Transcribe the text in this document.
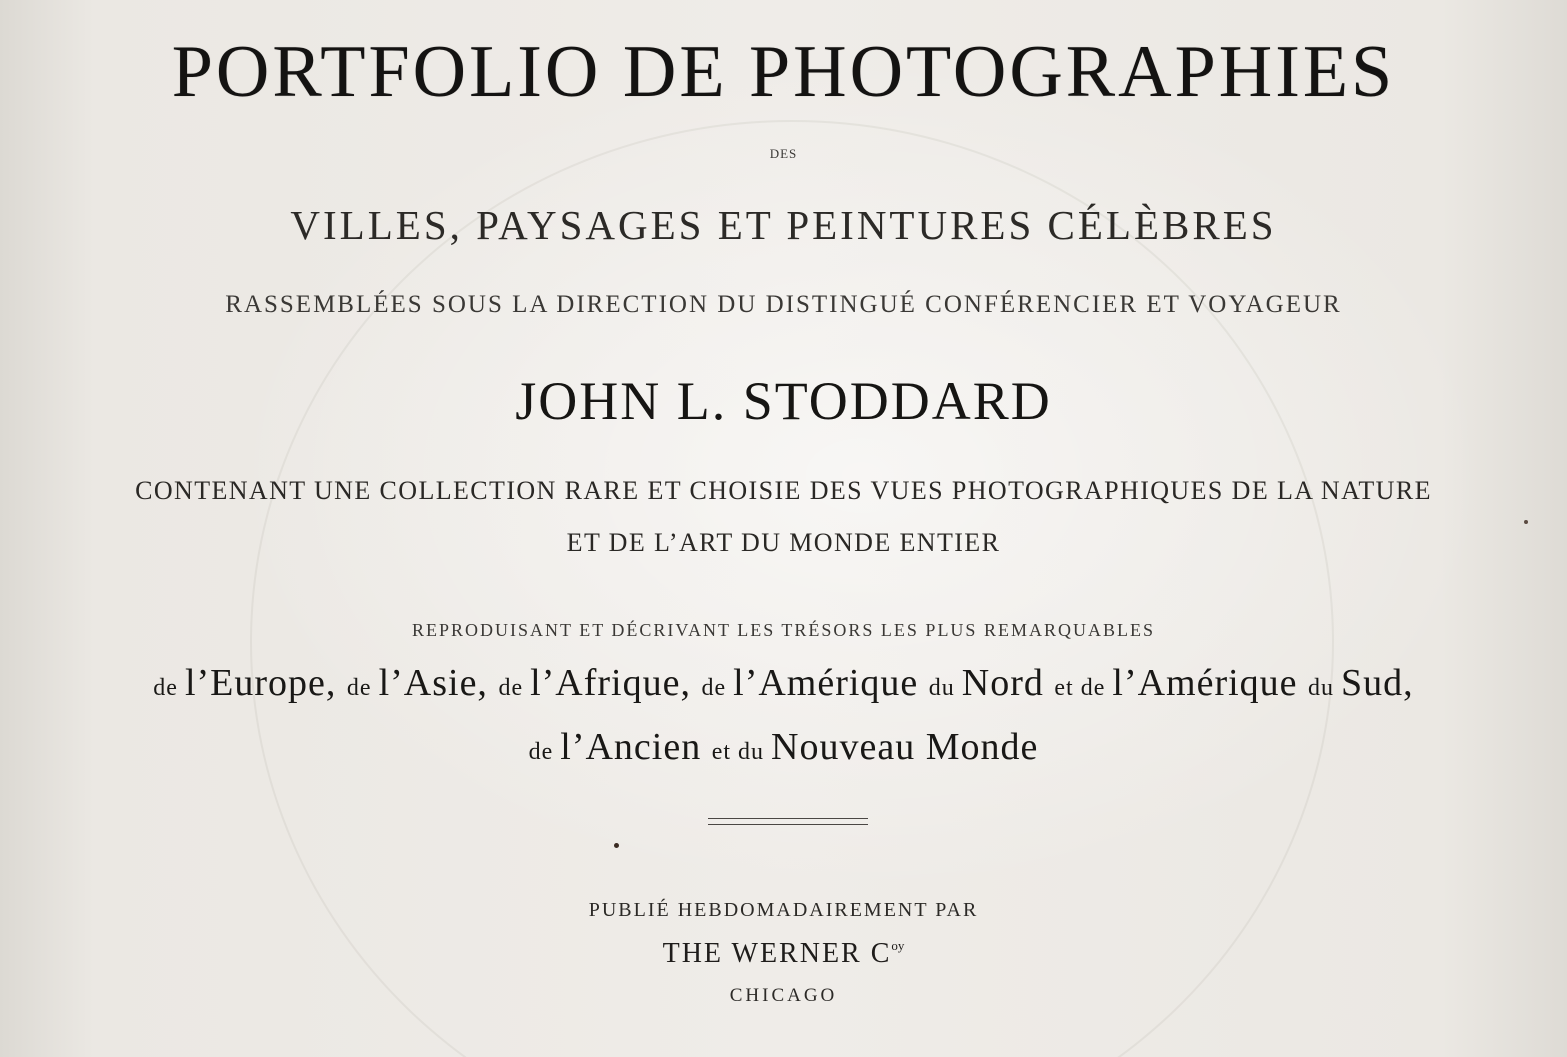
PORTFOLIO DE PHOTOGRAPHIES
DES
VILLES, PAYSAGES ET PEINTURES CÉLÈBRES
RASSEMBLÉES SOUS LA DIRECTION DU DISTINGUÉ CONFÉRENCIER ET VOYAGEUR
JOHN L. STODDARD
CONTENANT UNE COLLECTION RARE ET CHOISIE DES VUES PHOTOGRAPHIQUES DE LA NATURE
ET DE L’ART DU MONDE ENTIER
REPRODUISANT ET DÉCRIVANT LES TRÉSORS LES PLUS REMARQUABLES
de l’Europe, de l’Asie, de l’Afrique, de l’Amérique du Nord et de l’Amérique du Sud,
de l’Ancien et du Nouveau Monde
PUBLIÉ HEBDOMADAIREMENT PAR
THE WERNER $C^{oy}$
CHICAGO
